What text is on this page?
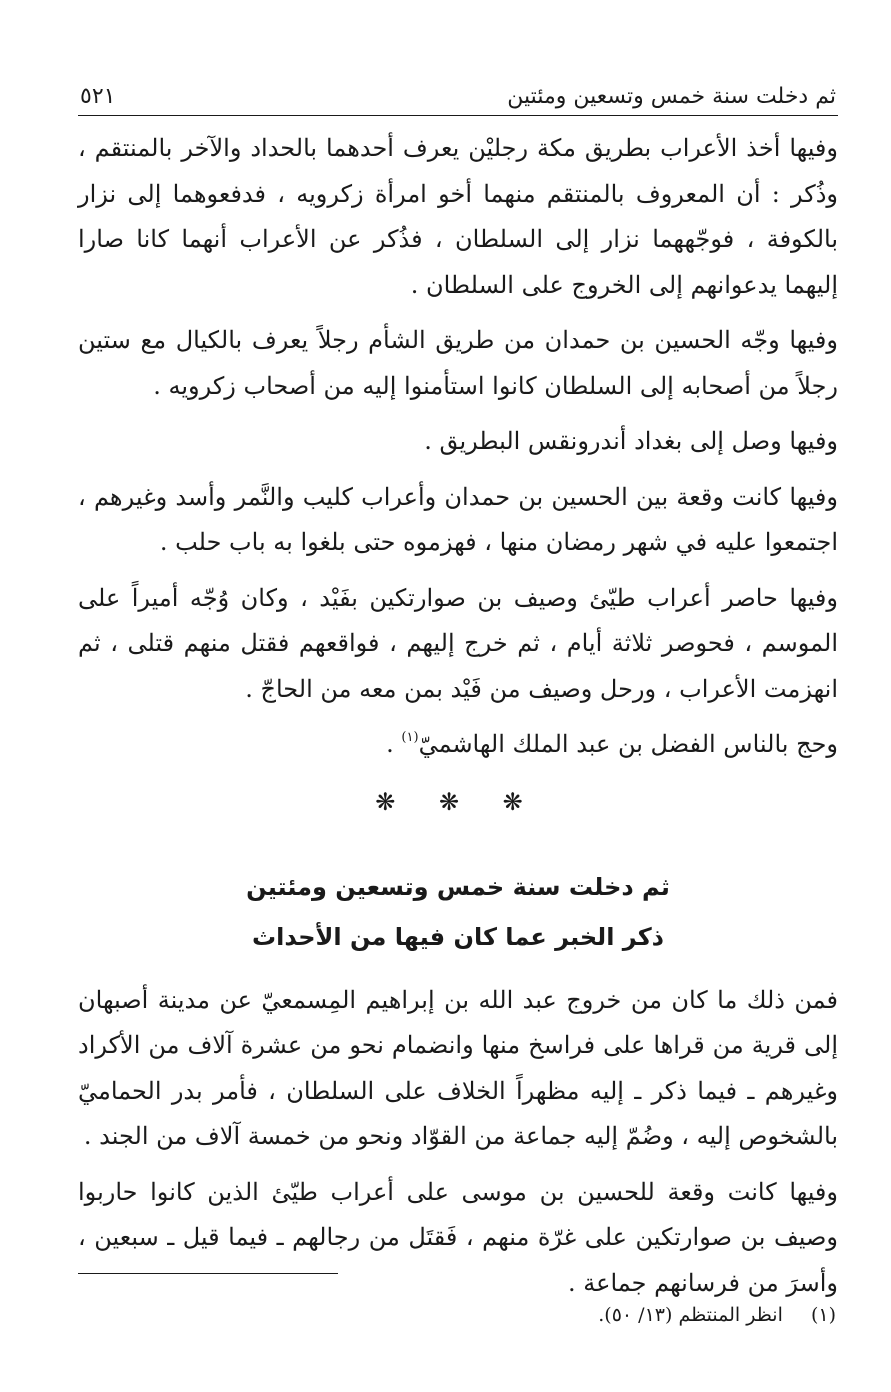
ثم دخلت سنة خمس وتسعين ومئتين
٥٢١

وفيها أخذ الأعراب بطريق مكة رجليْن يعرف أحدهما بالحداد والآخر بالمنتقم ، وذُكر : أن المعروف بالمنتقم منهما أخو امرأة زكرويه ، فدفعوهما إلى نزار بالكوفة ، فوجّههما نزار إلى السلطان ، فذُكر عن الأعراب أنهما كانا صارا إليهما يدعوانهم إلى الخروج على السلطان .

وفيها وجّه الحسين بن حمدان من طريق الشأم رجلاً يعرف بالكيال مع ستين رجلاً من أصحابه إلى السلطان كانوا استأمنوا إليه من أصحاب زكرويه .

وفيها وصل إلى بغداد أندرونقس البطريق .

وفيها كانت وقعة بين الحسين بن حمدان وأعراب كليب والنَّمر وأسد وغيرهم ، اجتمعوا عليه في شهر رمضان منها ، فهزموه حتى بلغوا به باب حلب .

وفيها حاصر أعراب طيّئ وصيف بن صوارتكين بفَيْد ، وكان وُجّه أميراً على الموسم ، فحوصر ثلاثة أيام ، ثم خرج إليهم ، فواقعهم فقتل منهم قتلى ، ثم انهزمت الأعراب ، ورحل وصيف من فَيْد بمن معه من الحاجّ .

وحج بالناس الفضل بن عبد الملك الهاشميّ$^{(١)}$ .

❋ ❋ ❋
ثم دخلت سنة خمس وتسعين ومئتين
ذكر الخبر عما كان فيها من الأحداث

فمن ذلك ما كان من خروج عبد الله بن إبراهيم المِسمعيّ عن مدينة أصبهان إلى قرية من قراها على فراسخ منها وانضمام نحو من عشرة آلاف من الأكراد وغيرهم ـ فيما ذكر ـ إليه مظهراً الخلاف على السلطان ، فأمر بدر الحماميّ بالشخوص إليه ، وضُمّ إليه جماعة من القوّاد ونحو من خمسة آلاف من الجند .

وفيها كانت وقعة للحسين بن موسى على أعراب طيّئ الذين كانوا حاربوا وصيف بن صوارتكين على غرّة منهم ، فَقتَل من رجالهم ـ فيما قيل ـ سبعين ، وأسرَ من فرسانهم جماعة .

(١) انظر المنتظم (١٣/ ٥٠).
